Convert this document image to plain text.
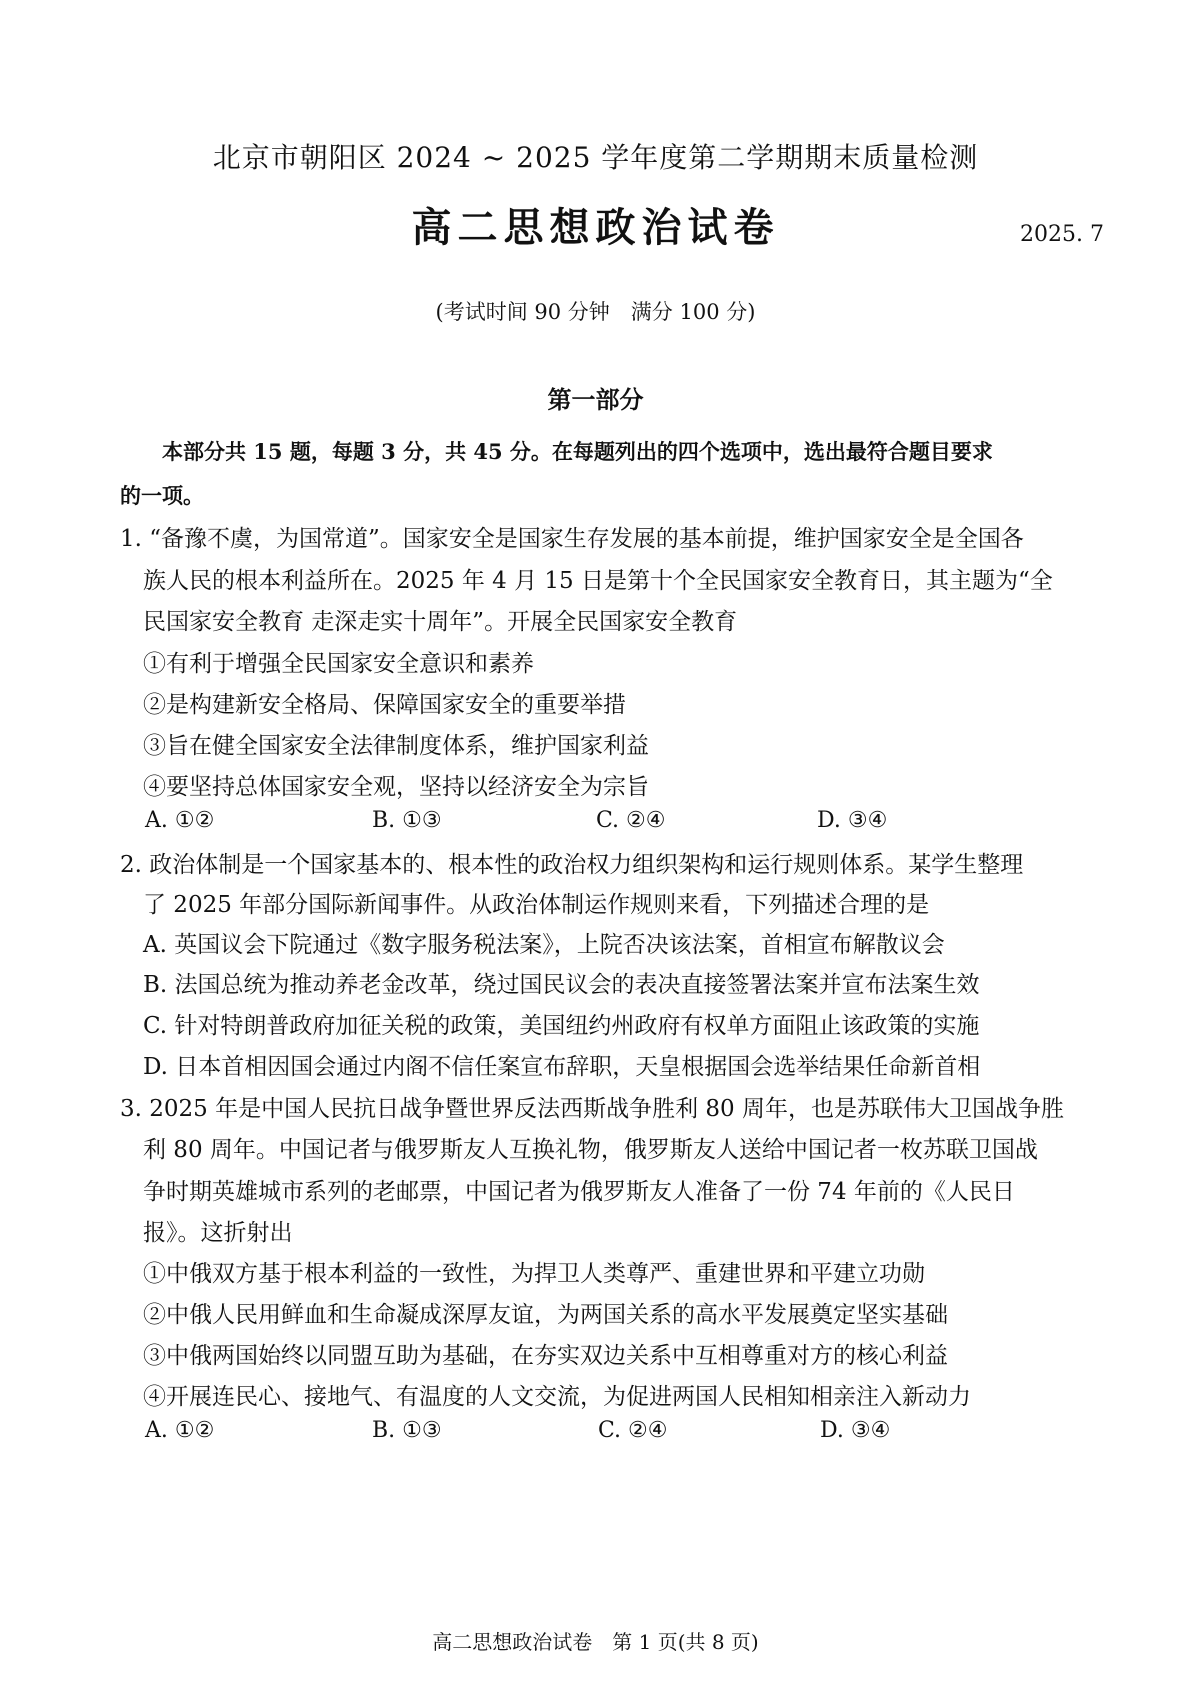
北京市朝阳区 2024 ~ 2025 学年度第二学期期末质量检测
高二思想政治试卷	2025. 7
(考试时间 90 分钟　满分 100 分)
第一部分
本部分共 15 题，每题 3 分，共 45 分。在每题列出的四个选项中，选出最符合题目要求
的一项。
1. “备豫不虞，为国常道”。国家安全是国家生存发展的基本前提，维护国家安全是全国各
族人民的根本利益所在。2025 年 4 月 15 日是第十个全民国家安全教育日，其主题为“全
民国家安全教育 走深走实十周年”。开展全民国家安全教育
①有利于增强全民国家安全意识和素养
②是构建新安全格局、保障国家安全的重要举措
③旨在健全国家安全法律制度体系，维护国家利益
④要坚持总体国家安全观，坚持以经济安全为宗旨
A. ①②	B. ①③	C. ②④	D. ③④
2. 政治体制是一个国家基本的、根本性的政治权力组织架构和运行规则体系。某学生整理
了 2025 年部分国际新闻事件。从政治体制运作规则来看，下列描述合理的是
A. 英国议会下院通过《数字服务税法案》，上院否决该法案，首相宣布解散议会
B. 法国总统为推动养老金改革，绕过国民议会的表决直接签署法案并宣布法案生效
C. 针对特朗普政府加征关税的政策，美国纽约州政府有权单方面阻止该政策的实施
D. 日本首相因国会通过内阁不信任案宣布辞职，天皇根据国会选举结果任命新首相
3. 2025 年是中国人民抗日战争暨世界反法西斯战争胜利 80 周年，也是苏联伟大卫国战争胜
利 80 周年。中国记者与俄罗斯友人互换礼物，俄罗斯友人送给中国记者一枚苏联卫国战
争时期英雄城市系列的老邮票，中国记者为俄罗斯友人准备了一份 74 年前的《人民日
报》。这折射出
①中俄双方基于根本利益的一致性，为捍卫人类尊严、重建世界和平建立功勋
②中俄人民用鲜血和生命凝成深厚友谊，为两国关系的高水平发展奠定坚实基础
③中俄两国始终以同盟互助为基础，在夯实双边关系中互相尊重对方的核心利益
④开展连民心、接地气、有温度的人文交流，为促进两国人民相知相亲注入新动力
A. ①②	B. ①③	C. ②④	D. ③④
高二思想政治试卷　第 1 页(共 8 页)
